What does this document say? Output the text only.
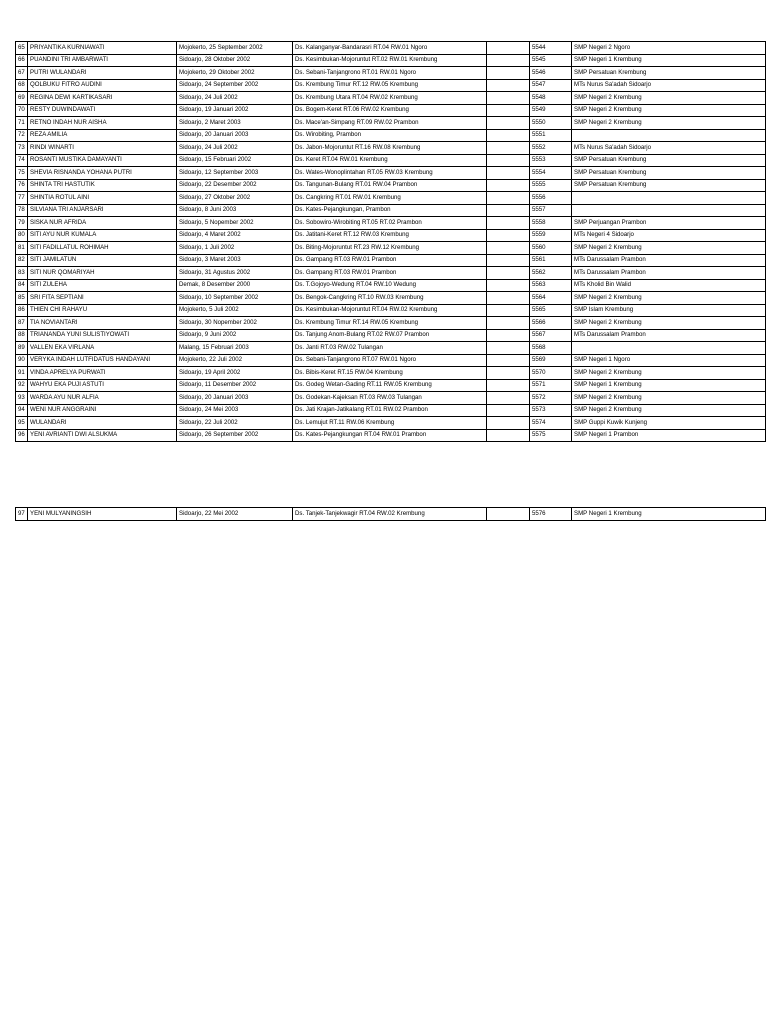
65	PRIYANTIKA KURNIAWATI	Mojokerto, 25 September 2002	Ds. Kalanganyar-Bandarasri RT.04 RW.01 Ngoro		5544	SMP Negeri 2 Ngoro
66	PUANDINI TRI AMBARWATI	Sidoarjo, 28 Oktober 2002	Ds. Kesimbukan-Mojoruntut RT.02 RW.01 Krembung		5545	SMP Negeri 1 Krembung
67	PUTRI WULANDARI	Mojokerto, 29 Oktober 2002	Ds. Sebani-Tanjangrono RT.01 RW.01 Ngoro		5546	SMP Persatuan Krembung
68	QOLBUKU FITRO AUDINI	Sidoarjo, 24 September 2002	Ds. Krembung Timur RT.12 RW.05 Krembung		5547	MTs Nurus Sa'adah Sidoarjo
69	REGINA DEWI KARTIKASARI	Sidoarjo, 24 Juli 2002	Ds. Krembung Utara RT.04 RW.02 Krembung		5548	SMP Negeri 2 Krembung
70	RESTY DUWINDAWATI	Sidoarjo, 19 Januari 2002	Ds. Bogem-Keret RT.06 RW.02 Krembung		5549	SMP Negeri 2 Krembung
71	RETNO INDAH NUR AISHA	Sidoarjo, 2 Maret 2003	Ds. Mace'an-Simpang RT.09 RW.02 Prambon		5550	SMP Negeri 2 Krembung
72	REZA AMILIA	Sidoarjo, 20 Januari 2003	Ds. Wirobiting, Prambon		5551	
73	RINDI WINARTI	Sidoarjo, 24 Juli 2002	Ds. Jabon-Mojoruntut RT.16 RW.08 Krembung		5552	MTs Nurus Sa'adah Sidoarjo
74	ROSANTI MUSTIKA DAMAYANTI	Sidoarjo, 15 Februari 2002	Ds. Keret RT.04 RW.01 Krembung		5553	SMP Persatuan Krembung
75	SHEVIA RISNANDA YOHANA PUTRI	Sidoarjo, 12 September 2003	Ds. Wates-Wonoplintahan RT.05 RW.03 Krembung		5554	SMP Persatuan Krembung
76	SHINTA TRI HASTUTIK	Sidoarjo, 22 Desember 2002	Ds. Tangunan-Bulang RT.01 RW.04 Prambon		5555	SMP Persatuan Krembung
77	SHINTIA ROTUL AINI	Sidoarjo, 27 Oktober 2002	Ds. Cangkring RT.01 RW.01 Krembung		5556	
78	SILVIANA TRI ANJARSARI	Sidoarjo, 8 Juni 2003	Ds. Kates-Pejangkungan, Prambon		5557	
79	SISKA NUR AFRIDA	Sidoarjo, 5 Nopember 2002	Ds. Sobowiro-Wirobiting RT.05 RT.02 Prambon		5558	SMP Perjuangan Prambon
80	SITI AYU NUR KUMALA	Sidoarjo, 4 Maret 2002	Ds. Jatitani-Keret RT.12 RW.03 Krembung		5559	MTs Negeri 4 Sidoarjo
81	SITI FADILLATUL ROHIMAH	Sidoarjo, 1 Juli 2002	Ds. Biting-Mojoruntut RT.23 RW.12 Krembung		5560	SMP Negeri 2 Krembung
82	SITI JAMILATUN	Sidoarjo, 3 Maret 2003	Ds. Gampang RT.03 RW.01 Prambon		5561	MTs Darussalam Prambon
83	SITI NUR QOMARIYAH	Sidoarjo, 31 Agustus 2002	Ds. Gampang RT.03 RW.01 Prambon		5562	MTs Darussalam Prambon
84	SITI ZULEHA	Demak, 8 Desember 2000	Ds. T.Gojoyo-Wedung RT.04 RW.10 Wedung		5563	MTs Kholid Bin Walid
85	SRI FITA SEPTIANI	Sidoarjo, 10 September 2002	Ds. Bengok-Cangkring RT.10 RW.03 Krembung		5564	SMP Negeri 2 Krembung
86	THIEN CHI RAHAYU	Mojokerto, 5 Juli 2002	Ds. Kesimbukan-Mojoruntut RT.04 RW.02 Krembung		5565	SMP Islam Krembung
87	TIA NOVIANTARI	Sidoarjo, 30 Nopember 2002	Ds. Krembung Timur RT.14 RW.05 Krembung		5566	SMP Negeri 2 Krembung
88	TRIANANDA YUNI SULISTIYOWATI	Sidoarjo, 9 Juni 2002	Ds. Tanjung Anom-Bulang RT.02 RW.07 Prambon		5567	MTs Darussalam Prambon
89	VALLEN EKA VIRLANA	Malang, 15 Februari 2003	Ds. Janti RT.03 RW.02 Tulangan		5568	
90	VERYKA INDAH LUTFIDATUS HANDAYANI	Mojokerto, 22 Juli 2002	Ds. Sebani-Tanjangrono RT.07 RW.01 Ngoro		5569	SMP Negeri 1 Ngoro
91	VINDA APRELYA PURWATI	Sidoarjo, 19 April 2002	Ds. Bibis-Keret RT.15 RW.04 Krembung		5570	SMP Negeri 2 Krembung
92	WAHYU EKA PUJI ASTUTI	Sidoarjo, 11 Desember 2002	Ds. Godeg Wetan-Gading RT.11 RW.05 Krembung		5571	SMP Negeri 1 Krembung
93	WARDA AYU NUR ALFIA	Sidoarjo, 20 Januari 2003	Ds. Godekan-Kajeksan RT.03 RW.03 Tulangan		5572	SMP Negeri 2 Krembung
94	WENI NUR ANGGRAINI	Sidoarjo, 24 Mei 2003	Ds. Jati Krajan-Jatikalang RT.01 RW.02 Prambon		5573	SMP Negeri 2 Krembung
95	WULANDARI	Sidoarjo, 22 Juli 2002	Ds. Lemujut RT.11 RW.06 Krembung		5574	SMP Guppi Kuwik Kunjeng
96	YENI AVRIANTI DWI ALSUKMA	Sidoarjo, 26 September 2002	Ds. Kates-Pejangkungan RT.04 RW.01 Prambon		5575	SMP Negeri 1 Prambon
97	YENI MULYANINGSIH	Sidoarjo, 22 Mei 2002	Ds. Tanjek-Tanjekwagir RT.04 RW.02 Krembung		5576	SMP Negeri 1 Krembung
